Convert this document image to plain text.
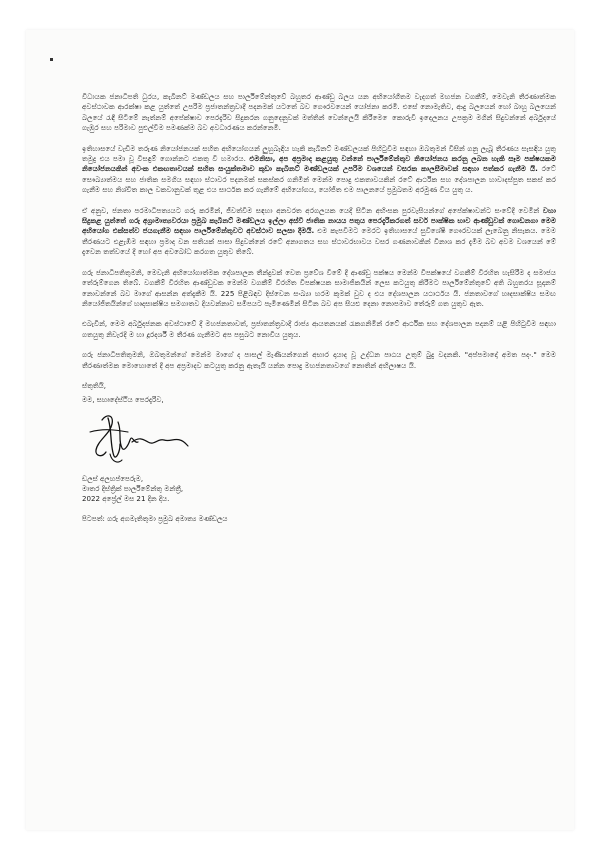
විධායක ජනාධිපති ධුරය, කැබිනට් මණ්ඩලය සහ පාර්ලිමේන්තුවේ බහුතර ආණ්ඩු බලය යන අභියෝගීතම වැදගත් මහජන වගකීම්, මෙවැනි තීරණාත්මක අවස්ථාවක ආරක්ෂා කළ යුත්තේ උපරිම ප්‍රජාතන්ත්‍රවාදී පදනමක් යටතේ බව ගෞරවයෙන් යෝජනා කරමි. එසේ නොමැතිව, ආදු බලයෙන් හෝ බාහු බලයෙන් බලයේ රැඳී සිටීමේ නැත්නම් අපේක්ෂාව පෙරදැරිව සිදුකරන ගනුදෙනුවක් මත්තින් වෙන්ලෙයි කිරීමෙ ෙකොරුවී ඉදෙලනය උපක්‍රම මගින් සිදුවන්නේ අර්බුදයේ ගැඹුර සහ පරිමාව පුළුල්වීම පමණක්ම බව අවධාරණය කරන්නෙමි.

ඉතිහාසයේ වැඩිම තරුණ නියෝජනයක් සහිත අභියෝගයන් ලුහුබැඳිය හැකි කැබිනට් මණ්ඩලයක් පිහිටුවීම සඳහා ඔබතුමන් විසින් ගනු ලැබූ තීරණය සැසඳිය යුතු තමුදු එය පමා වූ විසඳුම් ගොන්නට එකතු වී හමාරය. එමනිසා, අප අප්‍රමාද කළයුතු වන්නේ පාර්ලිමේන්තුව නියෝජනය කරනු ලබන හැකි සෑම පක්ෂයකම නියෝජනයකින් අවංක එකඟතාවයක් සහිත සංයුක්තමාව කුඩා කැබිනට් මණ්ඩලයක් උපරිම වශයෙන් වසරක කාලසීමාවක් සඳහා පත්කර ගැනීම යි. රටේ සෞඛ්‍යාත්මය සහ ජාතික සමගිය සඳහා ස්ථාවර පදනමක් සකස්කර ගනිමින් මෙන්ම පොදු එකතාවයකින් රටේ ආර්ථික සහ දේශපාලන හාවාදස්පුත සකස් කර ගැනීම සහ නිශ්චිත කාල වකවානුවක් තුළ එය සාර්ථක කර ගැනීමේ අභියෝගය, යෝජිත එම පාලනයේ ප්‍රමුඛතම අරමුණ විය යුතු ය.

ඒ අනුව, ජනතා පරමාධිපත්‍යයට ගරු කරමින්, ජීවත්වීම සඳහා අනවරත අරගලයක යෙදී සිටින අභිංසක පුරවැසියන්ගේ අපේක්ෂාවන්ට සංවේදී වෙමින් වහා සිදුකළ යුත්තේ ගරු අග්‍රාමාත්‍යවරයා ප්‍රමුඛ කැබිනට් මණ්ඩලය ඉල්ලා අස්වී ජාතික නායය පතුය පෙරදැරිකරගත් සර්ව පාක්ෂික භාව ආණ්ඩුවක් ගොඩනගා මෙම අභියෝග එක්සත්ව ජයගැනීම සඳහා පාර්ලිමේන්තුවට අවස්ථාව සලසා දීමයි. එම කැපවීමට මෙරට ඉතිහාසයේ සුවිශේෂී ගෞරවයක් ලැබෙනු නිසැකය. මෙම තීරණයට එළැඹීම සඳහා ප්‍රමාද වන සතියක් පාසා සිදුවන්නේ රටේ අනාගතය සහ ස්ථාවරභාවය වසර ගණනාවකින් විනාශ කර දැමීම බව අවම වශයෙන් මේ දැවෙන තත්වයේ දී හෝ අප අවබෝධ කරගත යුතුව තිබේ.

ගරු ජනාධිපතිතුමනි, මෙවැනි අභියෝගාත්මක දේශපාලන තීන්දුවක් වෙත ප්‍රවේශ වීමේ දී ආණ්ඩු පක්ෂය මෙන්ම විපක්ෂයේ වගකීම් විරහිත හැසිරීම ද සමාජය තේරුම්ගෙන තිබේ. වගකීම් විරහිත ආණ්ඩුවක මෙන්ම වගකීම් විරහිත විපක්ෂයක සාමාජිකයින් ලෙස කටයුතු කිරීමට පාර්ලිමේන්තුවේ අති බහුතරය සූදානම් නොවන්නේ බව මාගේ ආසන්න අත්දැකීම යි. 225 පිළිබඳව දිස්වෙන සංඛ්‍යා හරම කුමක් වුව ද එය දේශපාලන යථාර්ථය යි. ජනතාවගේ හෘදසාක්ෂිය සමඟ නියෝජිතයින්ගේ හෘදසාක්ෂිය සමගාතව දියවන්නාව සමීපයට පැමිණෙමින් සිටින බව අප සියළු දෙනා නොපමාව තේරුම් ගත යුතුව ඇත.

එබැවින්, මෙම අර්බුදජනක අවස්ථාවේ දී මහජනතාවත්, ප්‍රජාතන්ත්‍රවාදී රාජ්‍ය ආයතනයක් රැකගනිමින් රටේ ආර්ථික සහ දේශපාලන පදනම් යළි පිහිටුවීම සඳහා ගතයුතු නිවැරදි ම හා දූරදර්ශී ම තීරණ ගැනීමට අප පසුබට නොවිය යුතුය.

ගරු ජනාධිපතිතුමනි, ඔබතුමන්ගේ මෙන්ම මාගේ ද පාසල් මැණියන්ගෙන් අභාර දායාද වූ උද්ධන පාඨය උතුම් බුදු වදනකි. "අප්පමාදෝ අමත පදං." මෙම තීරණාත්මක මොහොතේ දී අප අප්‍රමාදව කටයුතු කරනු ඇතැයි යන්න පොදු මහජනතාවගේ නොතින් අභිලාෂය යි.

ස්තුතියි,
මම, සහෘදේස්ථිය පෙරදැරිව,
ඩලස් අලහප්පෙරුම,
මාතර දිස්ත්‍රික් පාර්ලිමේන්තු මන්ත්‍රී,
2022 අප්‍රේල් මස 21 දින දිය.
පිටපත්: ගරු අගමැතිතුමා ප්‍රමුඛ අමාත්‍ය මණ්ඩලය
